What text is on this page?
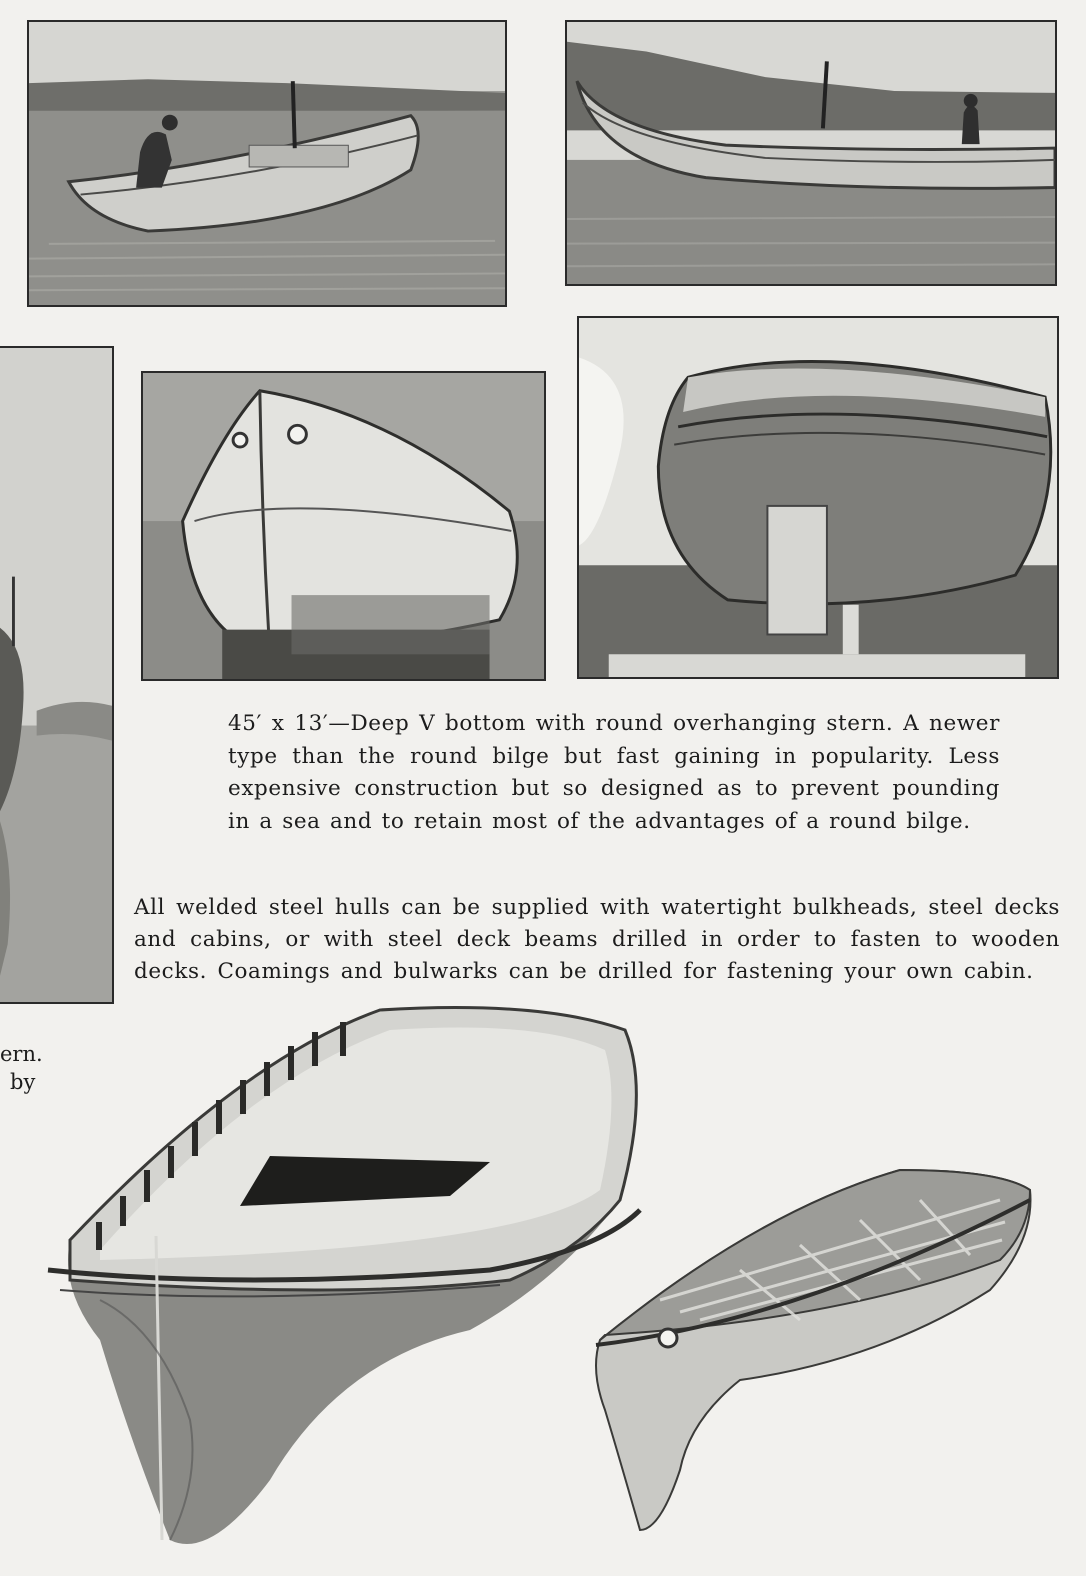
45′ x 13′—Deep V bottom with round overhanging stern. A newer type than the round bilge but fast gaining in popularity. Less expensive construction but so designed as to prevent pounding in a sea and to retain most of the advantages of a round bilge.
All welded steel hulls can be supplied with watertight bulkheads, steel decks and cabins, or with steel deck beams drilled in order to fasten to wooden decks. Coamings and bulwarks can be drilled for fastening your own cabin.
ern.
by
